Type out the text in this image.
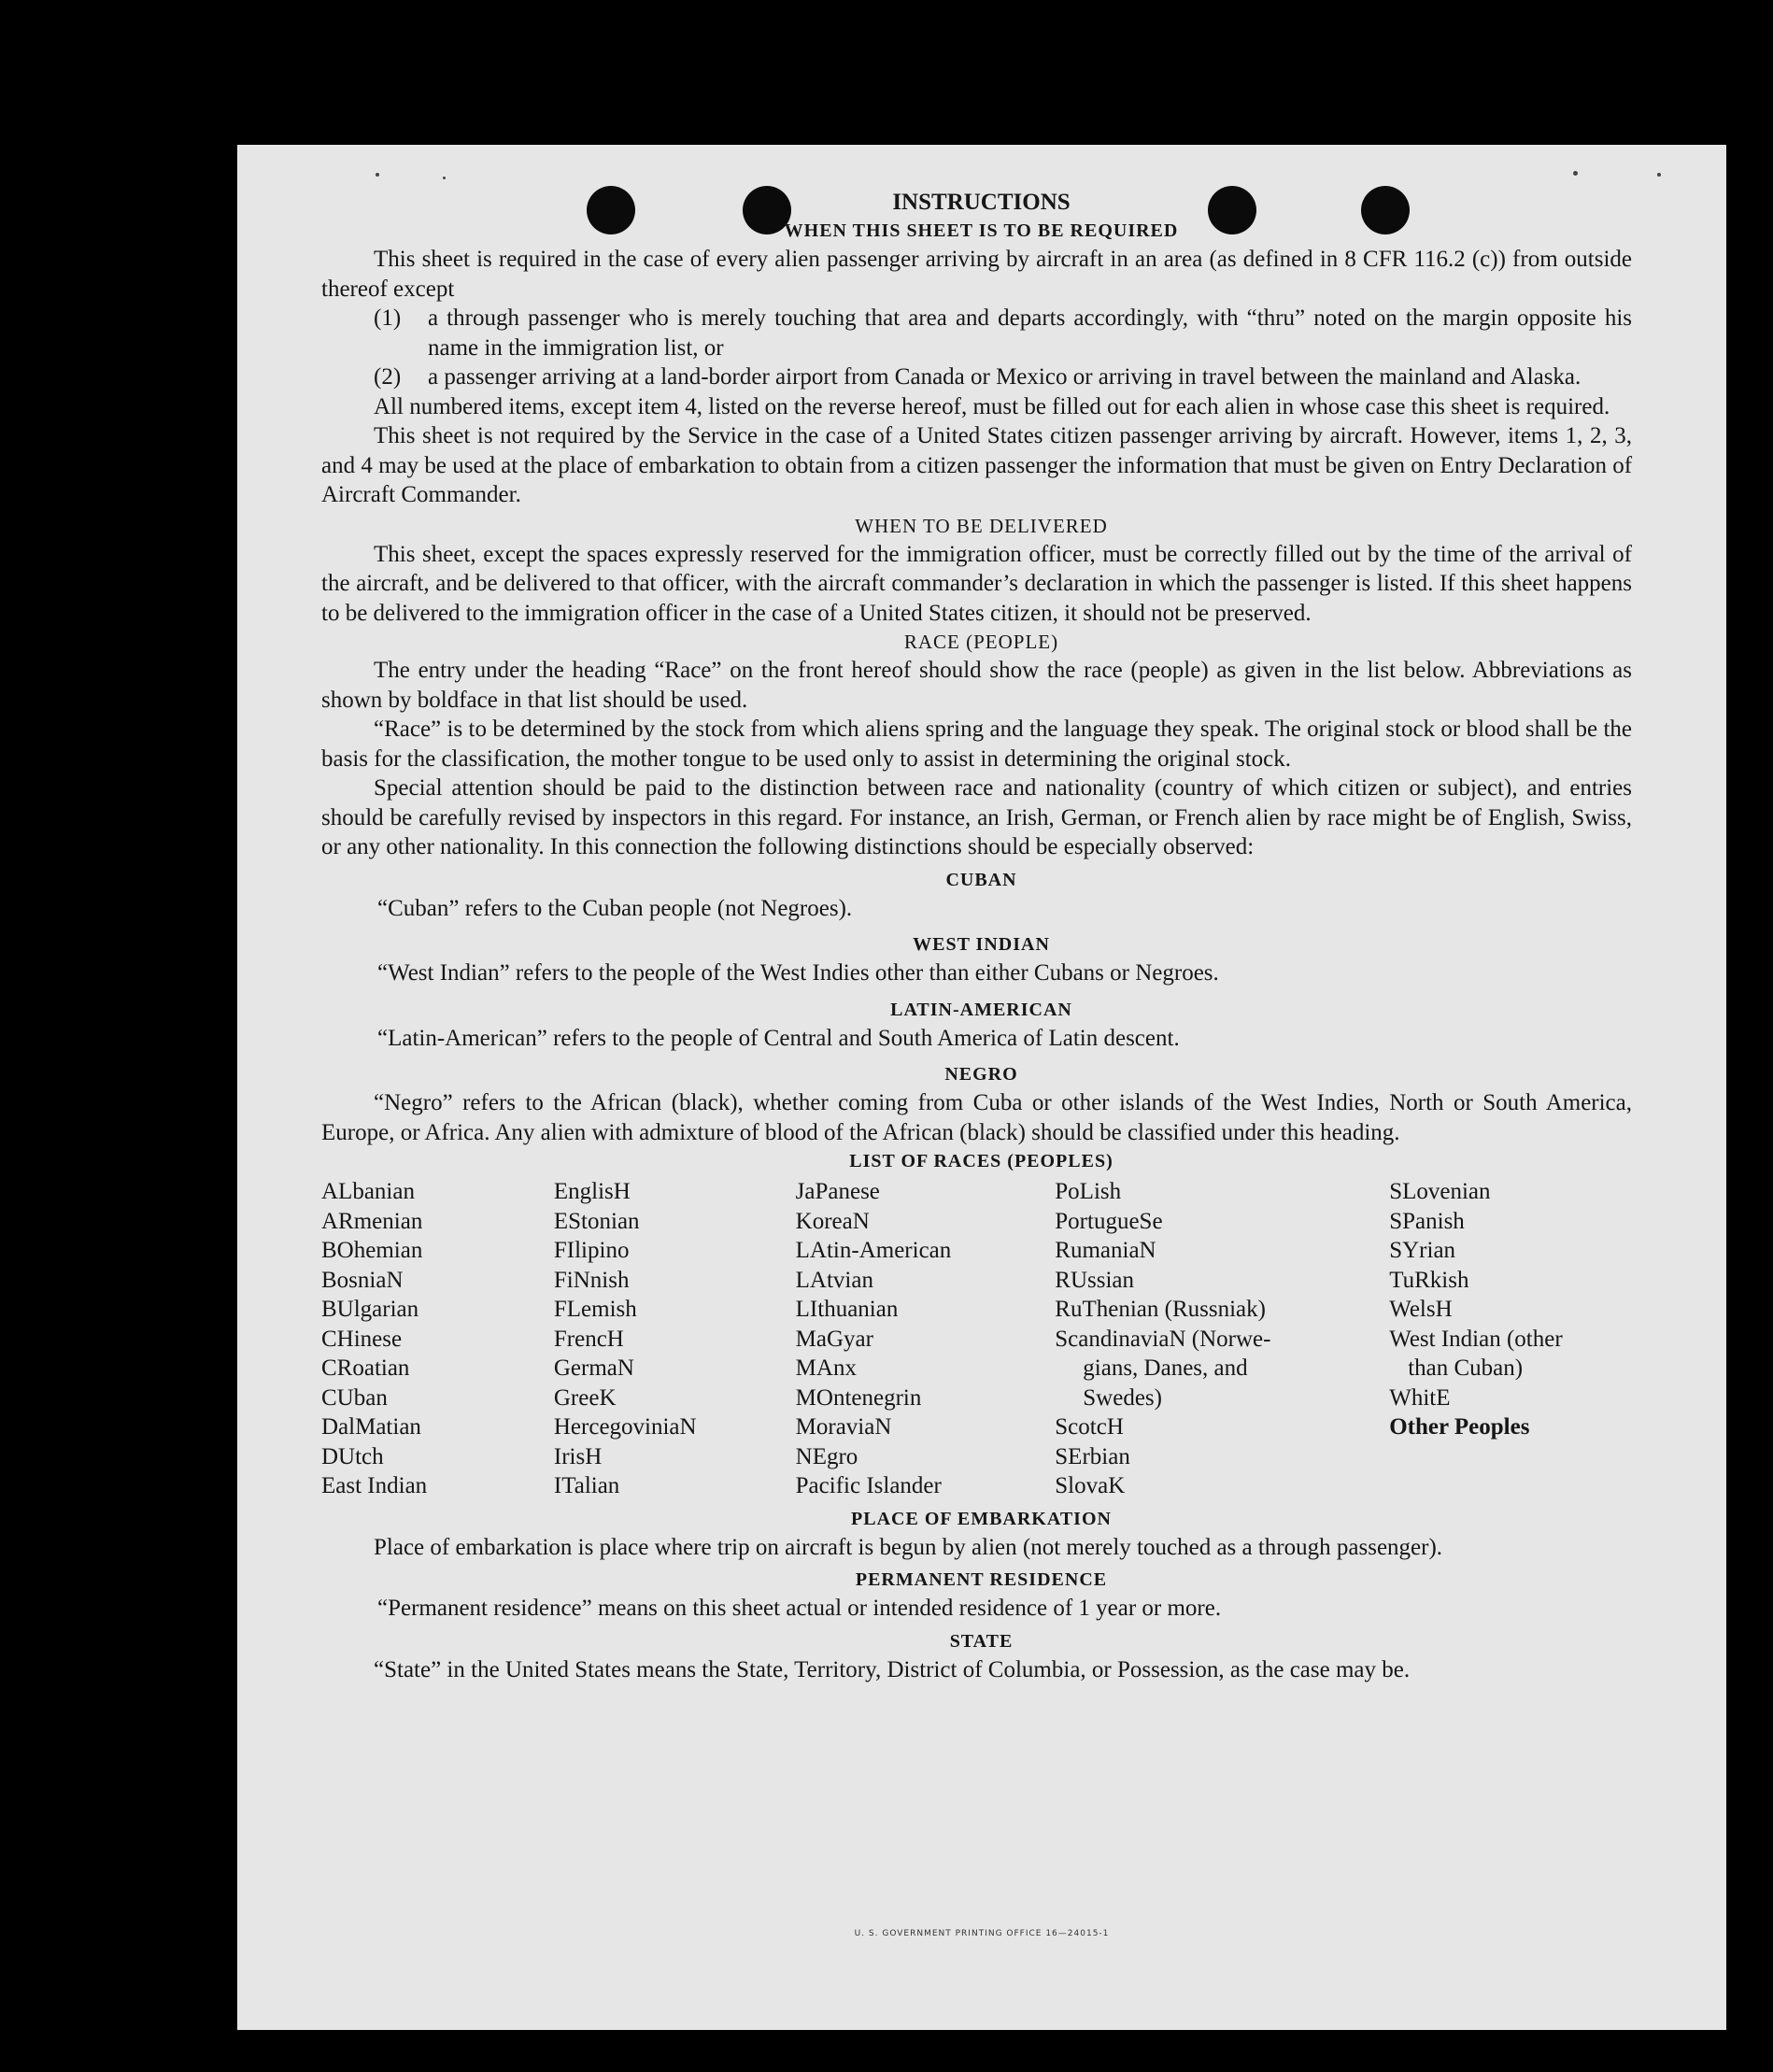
INSTRUCTIONS
WHEN THIS SHEET IS TO BE REQUIRED

This sheet is required in the case of every alien passenger arriving by aircraft in an area (as defined in 8 CFR 116.2 (c)) from outside thereof except

(1)	a through passenger who is merely touching that area and departs accordingly, with “thru” noted on the margin opposite his name in the immigration list, or
(2)	a passenger arriving at a land-border airport from Canada or Mexico or arriving in travel between the mainland and Alaska.

All numbered items, except item 4, listed on the reverse hereof, must be filled out for each alien in whose case this sheet is required.

This sheet is not required by the Service in the case of a United States citizen passenger arriving by aircraft. However, items 1, 2, 3, and 4 may be used at the place of embarkation to obtain from a citizen passenger the information that must be given on Entry Declaration of Aircraft Commander.

WHEN TO BE DELIVERED

This sheet, except the spaces expressly reserved for the immigration officer, must be correctly filled out by the time of the arrival of the aircraft, and be delivered to that officer, with the aircraft commander’s declaration in which the passenger is listed. If this sheet happens to be delivered to the immigration officer in the case of a United States citizen, it should not be preserved.

RACE (PEOPLE)

The entry under the heading “Race” on the front hereof should show the race (people) as given in the list below. Abbreviations as shown by boldface in that list should be used.

“Race” is to be determined by the stock from which aliens spring and the language they speak. The original stock or blood shall be the basis for the classification, the mother tongue to be used only to assist in determining the original stock.

Special attention should be paid to the distinction between race and nationality (country of which citizen or subject), and entries should be carefully revised by inspectors in this regard. For instance, an Irish, German, or French alien by race might be of English, Swiss, or any other nationality. In this connection the following distinctions should be especially observed:

CUBAN

“Cuban” refers to the Cuban people (not Negroes).

WEST INDIAN

“West Indian” refers to the people of the West Indies other than either Cubans or Negroes.

LATIN-AMERICAN

“Latin-American” refers to the people of Central and South America of Latin descent.

NEGRO

“Negro” refers to the African (black), whether coming from Cuba or other islands of the West Indies, North or South America, Europe, or Africa. Any alien with admixture of blood of the African (black) should be classified under this heading.

LIST OF RACES (PEOPLES)
ALbanian
ARmenian
BOhemian
BosniaN
BUlgarian
CHinese
CRoatian
CUban
DalMatian
DUtch
East Indian
EnglisH
EStonian
FIlipino
FiNnish
FLemish
FrencH
GermaN
GreeK
HercegoviniaN
IrisH
ITalian
JaPanese
KoreaN
LAtin-American
LAtvian
LIthuanian
MaGyar
MAnx
MOntenegrin
MoraviaN
NEgro
Pacific Islander
PoLish
PortugueSe
RumaniaN
RUssian
RuThenian (Russniak)
ScandinaviaN (Norwe-
gians, Danes, and
Swedes)
ScotcH
SErbian
SlovaK
SLovenian
SPanish
SYrian
TuRkish
WelsH
West Indian (other
than Cuban)
WhitE
Other Peoples
PLACE OF EMBARKATION

Place of embarkation is place where trip on aircraft is begun by alien (not merely touched as a through passenger).

PERMANENT RESIDENCE

“Permanent residence” means on this sheet actual or intended residence of 1 year or more.

STATE

“State” in the United States means the State, Territory, District of Columbia, or Possession, as the case may be.

U. S. GOVERNMENT PRINTING OFFICE 16—24015-1
